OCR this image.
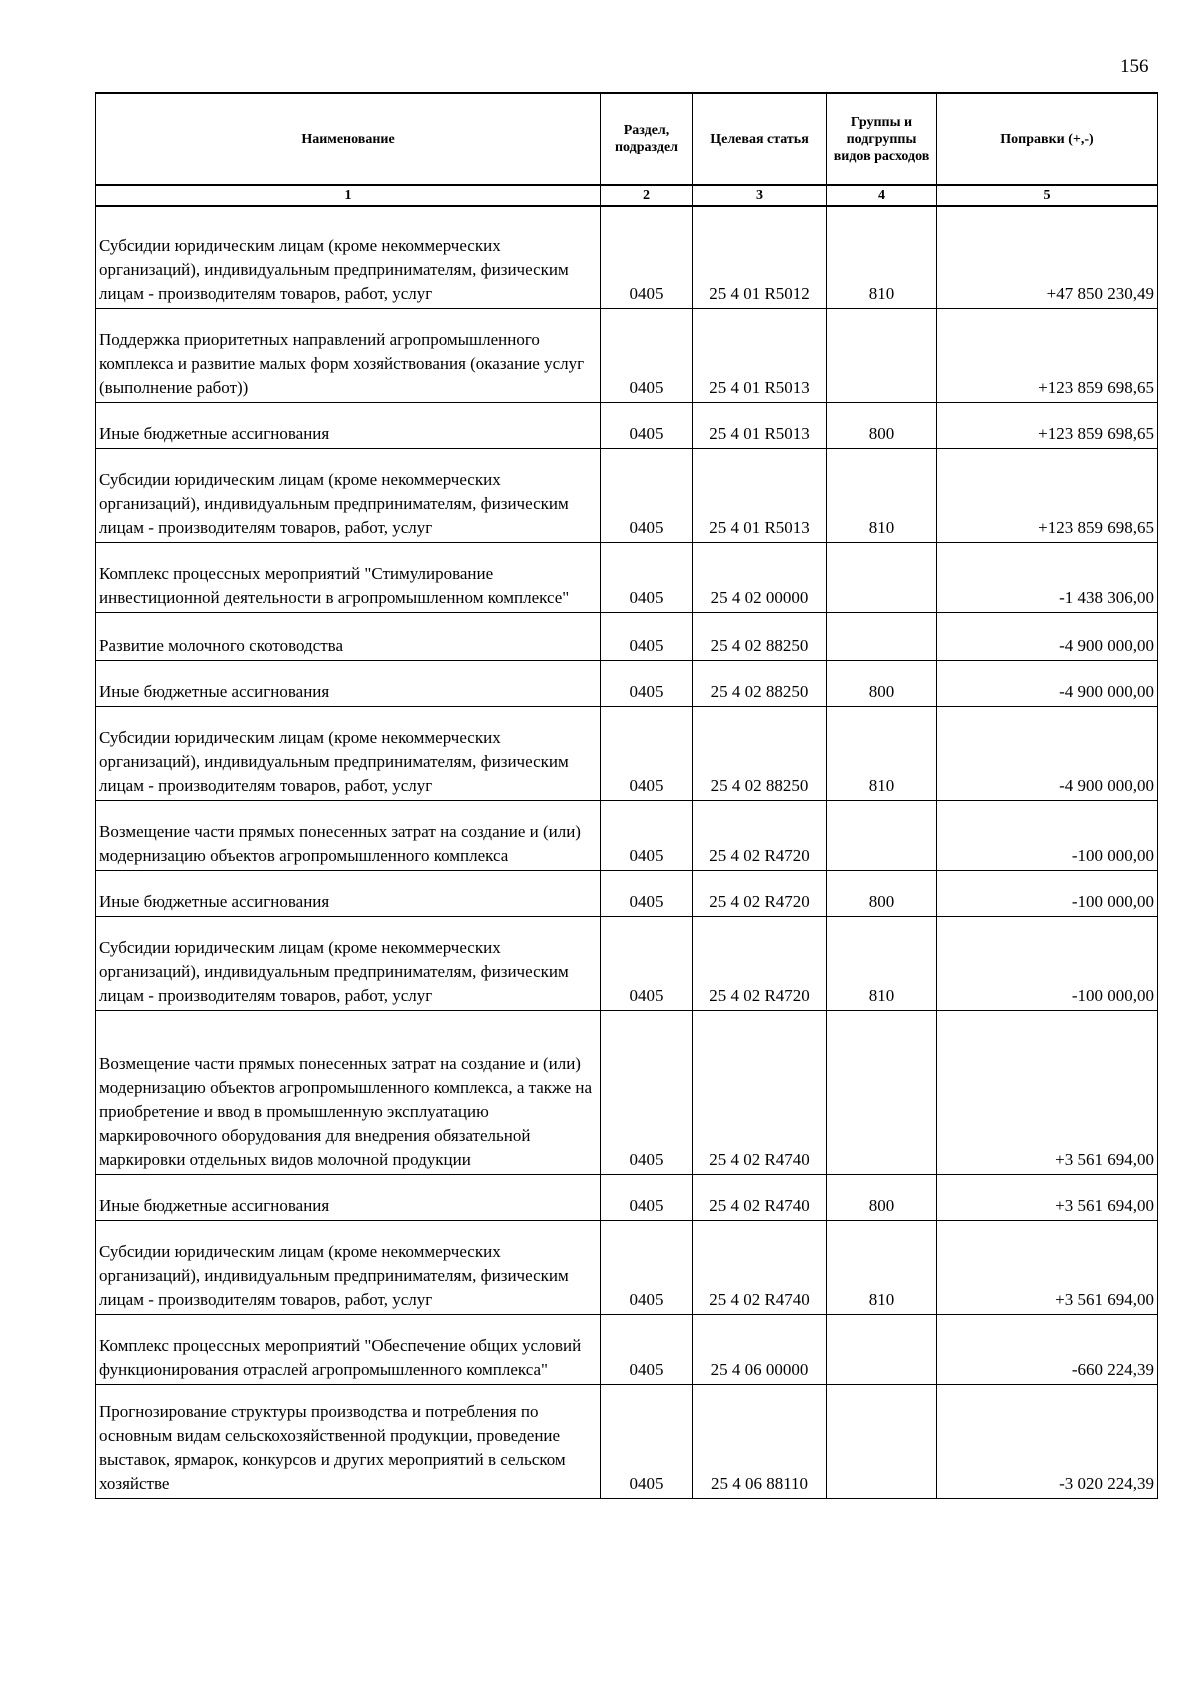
156
Наименование	Раздел, подраздел	Целевая статья	Группы и подгруппы видов расходов	Поправки (+,-)
1	2	3	4	5
Субсидии юридическим лицам (кроме некоммерческих организаций), индивидуальным предпринимателям, физическим лицам - производителям товаров, работ, услуг	0405	25 4 01 R5012	810	+47 850 230,49
Поддержка приоритетных направлений агропромышленного комплекса и развитие малых форм хозяйствования (оказание услуг (выполнение работ))	0405	25 4 01 R5013		+123 859 698,65
Иные бюджетные ассигнования	0405	25 4 01 R5013	800	+123 859 698,65
Субсидии юридическим лицам (кроме некоммерческих организаций), индивидуальным предпринимателям, физическим лицам - производителям товаров, работ, услуг	0405	25 4 01 R5013	810	+123 859 698,65
Комплекс процессных мероприятий "Стимулирование инвестиционной деятельности в агропромышленном комплексе"	0405	25 4 02 00000		-1 438 306,00
Развитие молочного скотоводства	0405	25 4 02 88250		-4 900 000,00
Иные бюджетные ассигнования	0405	25 4 02 88250	800	-4 900 000,00
Субсидии юридическим лицам (кроме некоммерческих организаций), индивидуальным предпринимателям, физическим лицам - производителям товаров, работ, услуг	0405	25 4 02 88250	810	-4 900 000,00
Возмещение части прямых понесенных затрат на создание и (или) модернизацию объектов агропромышленного комплекса	0405	25 4 02 R4720		-100 000,00
Иные бюджетные ассигнования	0405	25 4 02 R4720	800	-100 000,00
Субсидии юридическим лицам (кроме некоммерческих организаций), индивидуальным предпринимателям, физическим лицам - производителям товаров, работ, услуг	0405	25 4 02 R4720	810	-100 000,00
Возмещение части прямых понесенных затрат на создание и (или) модернизацию объектов агропромышленного комплекса, а также на приобретение и ввод в промышленную эксплуатацию маркировочного оборудования для внедрения обязательной маркировки отдельных видов молочной продукции	0405	25 4 02 R4740		+3 561 694,00
Иные бюджетные ассигнования	0405	25 4 02 R4740	800	+3 561 694,00
Субсидии юридическим лицам (кроме некоммерческих организаций), индивидуальным предпринимателям, физическим лицам - производителям товаров, работ, услуг	0405	25 4 02 R4740	810	+3 561 694,00
Комплекс процессных мероприятий "Обеспечение общих условий функционирования отраслей агропромышленного комплекса"	0405	25 4 06 00000		-660 224,39
Прогнозирование структуры производства и потребления по основным видам сельскохозяйственной продукции, проведение выставок, ярмарок, конкурсов и других мероприятий в сельском хозяйстве	0405	25 4 06 88110		-3 020 224,39
